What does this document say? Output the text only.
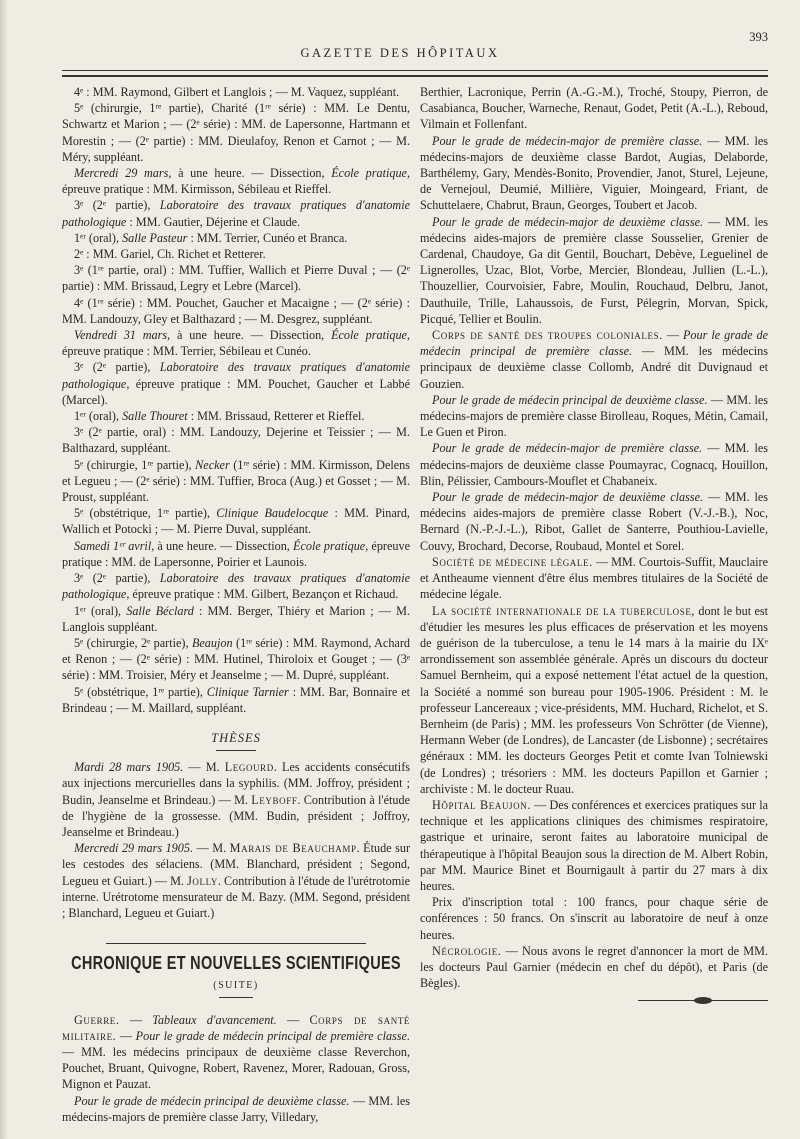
GAZETTE DES HÔPITAUX
393

4ᵉ : MM. Raymond, Gilbert et Langlois ; — M. Vaquez, suppléant.

5ᵉ (chirurgie, 1ʳᵉ partie), Charité (1ʳᵉ série) : MM. Le Dentu, Schwartz et Marion ; — (2ᵉ série) : MM. de Lapersonne, Hartmann et Morestin ; — (2ᵉ partie) : MM. Dieulafoy, Renon et Carnot ; — M. Méry, suppléant.

Mercredi 29 mars, à une heure. — Dissection, École pratique, épreuve pratique : MM. Kirmisson, Sébileau et Rieffel.

3ᵉ (2ᵉ partie), Laboratoire des travaux pratiques d'anatomie pathologique : MM. Gautier, Déjerine et Claude.

1ᵉʳ (oral), Salle Pasteur : MM. Terrier, Cunéo et Branca.

2ᵉ : MM. Gariel, Ch. Richet et Retterer.

3ᵉ (1ʳᵉ partie, oral) : MM. Tuffier, Wallich et Pierre Duval ; — (2ᵉ partie) : MM. Brissaud, Legry et Lebre (Marcel).

4ᵉ (1ʳᵉ série) : MM. Pouchet, Gaucher et Macaigne ; — (2ᵉ série) : MM. Landouzy, Gley et Balthazard ; — M. Desgrez, suppléant.

Vendredi 31 mars, à une heure. — Dissection, École pratique, épreuve pratique : MM. Terrier, Sébileau et Cunéo.

3ᵉ (2ᵉ partie), Laboratoire des travaux pratiques d'anatomie pathologique, épreuve pratique : MM. Pouchet, Gaucher et Labbé (Marcel).

1ᵉʳ (oral), Salle Thouret : MM. Brissaud, Retterer et Rieffel.

3ᵉ (2ᵉ partie, oral) : MM. Landouzy, Dejerine et Teissier ; — M. Balthazard, suppléant.

5ᵉ (chirurgie, 1ʳᵉ partie), Necker (1ʳᵉ série) : MM. Kirmisson, Delens et Legueu ; — (2ᵉ série) : MM. Tuffier, Broca (Aug.) et Gosset ; — M. Proust, suppléant.

5ᵉ (obstétrique, 1ʳᵉ partie), Clinique Baudelocque : MM. Pinard, Wallich et Potocki ; — M. Pierre Duval, suppléant.

Samedi 1ᵉʳ avril, à une heure. — Dissection, École pratique, épreuve pratique : MM. de Lapersonne, Poirier et Launois.

3ᵉ (2ᵉ partie), Laboratoire des travaux pratiques d'anatomie pathologique, épreuve pratique : MM. Gilbert, Bezançon et Richaud.

1ᵉʳ (oral), Salle Béclard : MM. Berger, Thiéry et Marion ; — M. Langlois suppléant.

5ᵉ (chirurgie, 2ᵉ partie), Beaujon (1ʳᵉ série) : MM. Raymond, Achard et Renon ; — (2ᵉ série) : MM. Hutinel, Thiroloix et Gouget ; — (3ᵉ série) : MM. Troisier, Méry et Jeanselme ; — M. Dupré, suppléant.

5ᵉ (obstétrique, 1ʳᵉ partie), Clinique Tarnier : MM. Bar, Bonnaire et Brindeau ; — M. Maillard, suppléant.

THÈSES

Mardi 28 mars 1905. — M. Legourd. Les accidents consécutifs aux injections mercurielles dans la syphilis. (MM. Joffroy, président ; Budin, Jeanselme et Brindeau.) — M. Leyboff. Contribution à l'étude de l'hygiène de la grossesse. (MM. Budin, président ; Joffroy, Jeanselme et Brindeau.)

Mercredi 29 mars 1905. — M. Marais de Beauchamp. Étude sur les cestodes des sélaciens. (MM. Blanchard, président ; Segond, Legueu et Guiart.) — M. Jolly. Contribution à l'étude de l'urétrotomie interne. Urétrotome mensurateur de M. Bazy. (MM. Segond, président ; Blanchard, Legueu et Guiart.)

CHRONIQUE ET NOUVELLES SCIENTIFIQUES
(SUITE)

Guerre. — Tableaux d'avancement. — Corps de santé militaire. — Pour le grade de médecin principal de première classe. — MM. les médecins principaux de deuxième classe Reverchon, Pouchet, Bruant, Quivogne, Robert, Ravenez, Morer, Radouan, Gross, Mignon et Pauzat.

Pour le grade de médecin principal de deuxième classe. — MM. les médecins-majors de première classe Jarry, Villedary,

Berthier, Lacronique, Perrin (A.-G.-M.), Troché, Stoupy, Pierron, de Casabianca, Boucher, Warneche, Renaut, Godet, Petit (A.-L.), Reboud, Vilmain et Follenfant.

Pour le grade de médecin-major de première classe. — MM. les médecins-majors de deuxième classe Bardot, Augias, Delaborde, Barthélemy, Gary, Mendès-Bonito, Provendier, Janot, Sturel, Lejeune, de Vernejoul, Deumié, Millière, Viguier, Moingeard, Friant, de Schuttelaere, Chabrut, Braun, Georges, Toubert et Jacob.

Pour le grade de médecin-major de deuxième classe. — MM. les médecins aides-majors de première classe Sousselier, Grenier de Cardenal, Chaudoye, Ga dit Gentil, Bouchart, Debève, Leguelinel de Lignerolles, Uzac, Blot, Vorbe, Mercier, Blondeau, Jullien (L.-L.), Thouzellier, Courvoisier, Fabre, Moulin, Rouchaud, Delbru, Janot, Dauthuile, Trille, Lahaussois, de Furst, Pélegrin, Morvan, Spick, Picqué, Tellier et Boulin.

Corps de santé des troupes coloniales. — Pour le grade de médecin principal de première classe. — MM. les médecins principaux de deuxième classe Collomb, André dit Duvignaud et Gouzien.

Pour le grade de médecin principal de deuxième classe. — MM. les médecins-majors de première classe Birolleau, Roques, Métin, Camail, Le Guen et Piron.

Pour le grade de médecin-major de première classe. — MM. les médecins-majors de deuxième classe Poumayrac, Cognacq, Houillon, Blin, Pélissier, Cambours-Mouflet et Chabaneix.

Pour le grade de médecin-major de deuxième classe. — MM. les médecins aides-majors de première classe Robert (V.-J.-B.), Noc, Bernard (N.-P.-J.-L.), Ribot, Gallet de Santerre, Pouthiou-Lavielle, Couvy, Brochard, Decorse, Roubaud, Montel et Sorel.

Société de médecine légale. — MM. Courtois-Suffit, Mauclaire et Antheaume viennent d'être élus membres titulaires de la Société de médecine légale.

La société internationale de la tuberculose, dont le but est d'étudier les mesures les plus efficaces de préservation et les moyens de guérison de la tuberculose, a tenu le 14 mars à la mairie du IXᵉ arrondissement son assemblée générale. Après un discours du docteur Samuel Bernheim, qui a exposé nettement l'état actuel de la question, la Société a nommé son bureau pour 1905-1906. Président : M. le professeur Lancereaux ; vice-présidents, MM. Huchard, Richelot, et S. Bernheim (de Paris) ; MM. les professeurs Von Schrötter (de Vienne), Hermann Weber (de Londres), de Lancaster (de Lisbonne) ; secrétaires généraux : MM. les docteurs Georges Petit et comte Ivan Tolniewski (de Londres) ; trésoriers : MM. les docteurs Papillon et Garnier ; archiviste : M. le docteur Ruau.

Hôpital Beaujon. — Des conférences et exercices pratiques sur la technique et les applications cliniques des chimismes respiratoire, gastrique et urinaire, seront faites au laboratoire municipal de thérapeutique à l'hôpital Beaujon sous la direction de M. Albert Robin, par MM. Maurice Binet et Bournigault à partir du 27 mars à dix heures.

Prix d'inscription total : 100 francs, pour chaque série de conférences : 50 francs. On s'inscrit au laboratoire de neuf à onze heures.

Nécrologie. — Nous avons le regret d'annoncer la mort de MM. les docteurs Paul Garnier (médecin en chef du dépôt), et Paris (de Bègles).
